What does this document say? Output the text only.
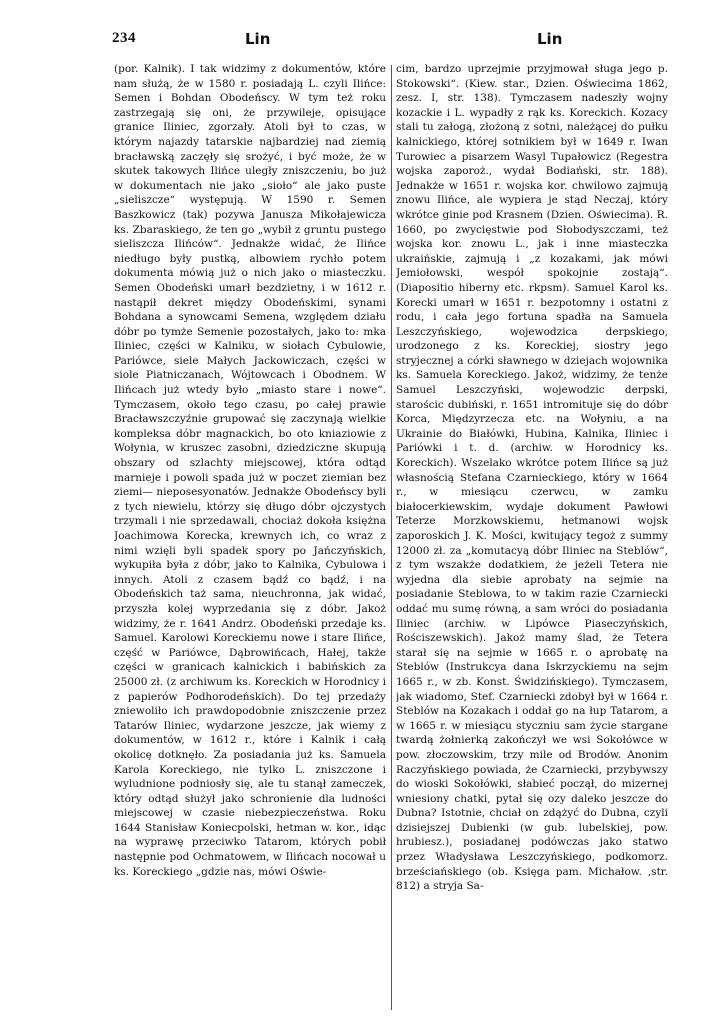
234	Lin	Lin

(por. Kalnik). I tak widzimy z dokumentów, które nam służą, że w 1580 r. posiadają L. czyli Ilińce: Semen i Bohdan Obodeńscy. W tym też roku zastrzegają się oni, że przywileje, opisujące granice Iliniec, zgorzały. Atoli był to czas, w którym najazdy tatarskie najbardziej nad ziemią bracławską zaczęły się srożyć, i być może, że w skutek takowych Ilińce uległy zniszczeniu, bo już w dokumentach nie jako „sioło“ ale jako puste „sieliszcze“ występują. W 1590 r. Semen Baszkowicz (tak) pozywa Janusza Mikołajewicza ks. Zbaraskiego, że ten go „wybił z gruntu pustego sieliszcza Ilińców“. Jednakże widać, że Ilińce niedługo były pustką, albowiem rychło potem dokumenta mówią już o nich jako o miasteczku. Semen Obodeński umarł bezdzietny, i w 1612 r. nastąpił dekret między Obodeńskimi, synami Bohdana a synowcami Semena, względem działu dóbr po tymże Semenie pozostałych, jako to: mka Iliniec, części w Kalniku, w siołach Cybulowie, Pariówce, siele Małych Jackowiczach, części w siole Piatniczanach, Wójtowcach i Obodnem. W Ilińcach już wtedy było „miasto stare i nowe“. Tymczasem, około tego czasu, po całej prawie Bracławszczyźnie grupować się zaczynają wielkie kompleksa dóbr magnackich, bo oto kniaziowie z Wołynia, w kruszec zasobni, dziedziczne skupują obszary od szlachty miejscowej, która odtąd marnieje i powoli spada już w poczet ziemian bez ziemi— nieposesyonatów. Jednakże Obodeńscy byli z tych niewielu, którzy się długo dóbr ojczystych trzymali i nie sprzedawali, chociaż dokoła księżna Joachimowa Korecka, krewnych ich, co wraz z nimi wzięli byli spadek spory po Jańczyńskich, wykupiła była z dóbr, jako to Kalnika, Cybulowa i innych. Atoli z czasem bądź co bądź, i na Obodeńskich taż sama, nieuchronna, jak widać, przyszła kolej wyprzedania się z dóbr. Jakoż widzimy, że r. 1641 Andrz. Obodeński przedaje ks. Samuel. Karolowi Koreckiemu nowe i stare Ilińce, część w Pariówce, Dąbrowińcach, Hałej, także części w granicach kalnickich i babińskich za 25000 zł. (z archiwum ks. Koreckich w Horodnicy i z papierów Podhorodeńskich). Do tej przedaży zniewoliło ich prawdopodobnie zniszczenie przez Tatarów Iliniec, wydarzone jeszcze, jak wiemy z dokumentów, w 1612 r., które i Kalnik i całą okolicę dotknęło. Za posiadania już ks. Samuela Karola Koreckiego, nie tylko L. zniszczone i wyludnione podniosły się, ale tu stanął zameczek, który odtąd służył jako schronienie dla ludności miejscowej w czasie niebezpieczeństwa. Roku 1644 Stanisław Koniecpolski, hetman w. kor., idąc na wyprawę przeciwko Tatarom, których pobił następnie pod Ochmatowem, w Ilińcach nocował u ks. Koreckiego „gdzie nas, mówi Oświe-

cim, bardzo uprzejmie przyjmował sługa jego p. Stokowski“. (Kiew. star., Dzien. Oświecima 1862, zesz. I, str. 138). Tymczasem nadeszły wojny kozackie i L. wypadły z rąk ks. Koreckich. Kozacy stali tu załogą, złożoną z sotni, należącej do pułku kalnickiego, której sotnikiem był w 1649 r. Iwan Turowiec a pisarzem Wasyl Tupałowicz (Regestra wojska zaporoż., wydał Bodiański, str. 188). Jednakże w 1651 r. wojska kor. chwilowo zajmują znowu Ilińce, ale wypiera je stąd Neczaj, który wkrótce ginie pod Krasnem (Dzien. Oświecima). R. 1660, po zwycięstwie pod Słobodyszczami, też wojska kor. znowu L., jak i inne miasteczka ukraińskie, zajmują i „z kozakami, jak mówi Jemiołowski, wespół spokojnie zostają“. (Diapositio hiberny etc. rkpsm). Samuel Karol ks. Korecki umarł w 1651 r. bezpotomny i ostatni z rodu, i cała jego fortuna spadła na Samuela Leszczyńskiego, wojewodzica derpskiego, urodzonego z ks. Koreckiej, siostry jego stryjecznej a córki sławnego w dziejach wojownika ks. Samuela Koreckiego. Jakoż, widzimy, że tenże Samuel Leszczyński, wojewodzic derpski, starościc dubiński, r. 1651 intromituje się do dóbr Korca, Międzyrzecza etc. na Wołyniu, a na Ukrainie do Białówki, Hubina, Kalnika, Iliniec i Pariówki i t. d. (archiw. w Horodnicy ks. Koreckich). Wszelako wkrótce potem Ilińce są już własnością Stefana Czarnieckiego, który w 1664 r., w miesiącu czerwcu, w zamku białocerkiewskim, wydaje dokument Pawłowi Teterze Morzkowskiemu, hetmanowi wojsk zaporoskich J. K. Mości, kwitujący tegoż z summy 12000 zł. za „komutacyą dóbr Iliniec na Steblów“, z tym wszakże dodatkiem, że jeżeli Tetera nie wyjedna dla siebie aprobaty na sejmie na posiadanie Steblowa, to w takim razie Czarniecki oddać mu sumę równą, a sam wróci do posiadania Iliniec (archiw. w Lipówce Piaseczyńskich, Rościszewskich). Jakoż mamy ślad, że Tetera starał się na sejmie w 1665 r. o aprobatę na Steblów (Instrukcya dana Iskrzyckiemu na sejm 1665 r., w zb. Konst. Świdzińskiego). Tymczasem, jak wiadomo, Stef. Czarniecki zdobył był w 1664 r. Steblów na Kozakach i oddał go na łup Tatarom, a w 1665 r. w miesiącu styczniu sam życie stargane twardą żołnierką zakończył we wsi Sokołówce w pow. złoczowskim, trzy mile od Brodów. Anonim Raczyńskiego powiada, że Czarniecki, przybywszy do wioski Sokołówki, słabieć począł, do mizernej wniesiony chatki, pytał się ozy daleko jeszcze do Dubna? Istotnie, chciał on zdążyć do Dubna, czyli dzisiejszej Dubienki (w gub. lubelskiej, pow. hrubiesz.), posiadanej podówczas jako statwo przez Władysława Leszczyńskiego, podkomorz. brześciańskiego (ob. Księga pam. Michałow. ,str. 812) a stryja Sa-
